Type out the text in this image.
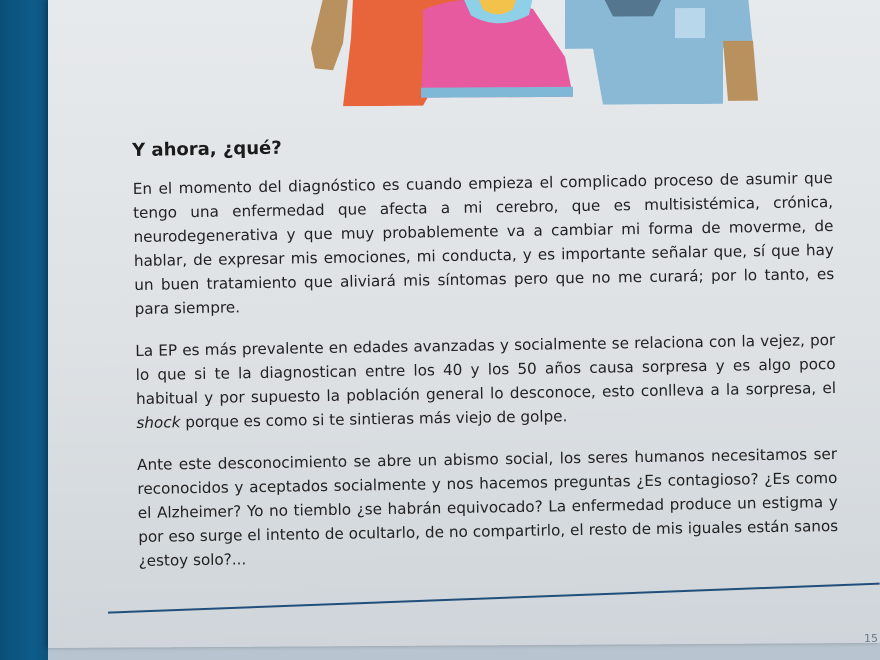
Y ahora, ¿qué?

En el momento del diagnóstico es cuando empieza el complicado proceso de asumir que tengo una enfermedad que afecta a mi cerebro, que es multisistémica, crónica, neurodegenerativa y que muy probablemente va a cambiar mi forma de moverme, de hablar, de expresar mis emociones, mi conducta, y es importante señalar que, sí que hay un buen tratamiento que aliviará mis síntomas pero que no me curará; por lo tanto, es para siempre.

La EP es más prevalente en edades avanzadas y socialmente se relaciona con la vejez, por lo que si te la diagnostican entre los 40 y los 50 años causa sorpresa y es algo poco habitual y por supuesto la población general lo desconoce, esto conlleva a la sorpresa, el shock porque es como si te sintieras más viejo de golpe.

Ante este desconocimiento se abre un abismo social, los seres humanos necesitamos ser reconocidos y aceptados socialmente y nos hacemos preguntas ¿Es contagioso? ¿Es como el Alzheimer? Yo no tiemblo ¿se habrán equivocado? La enfermedad produce un estigma y por eso surge el intento de ocultarlo, de no compartirlo, el resto de mis iguales están sanos ¿estoy solo?...

15
